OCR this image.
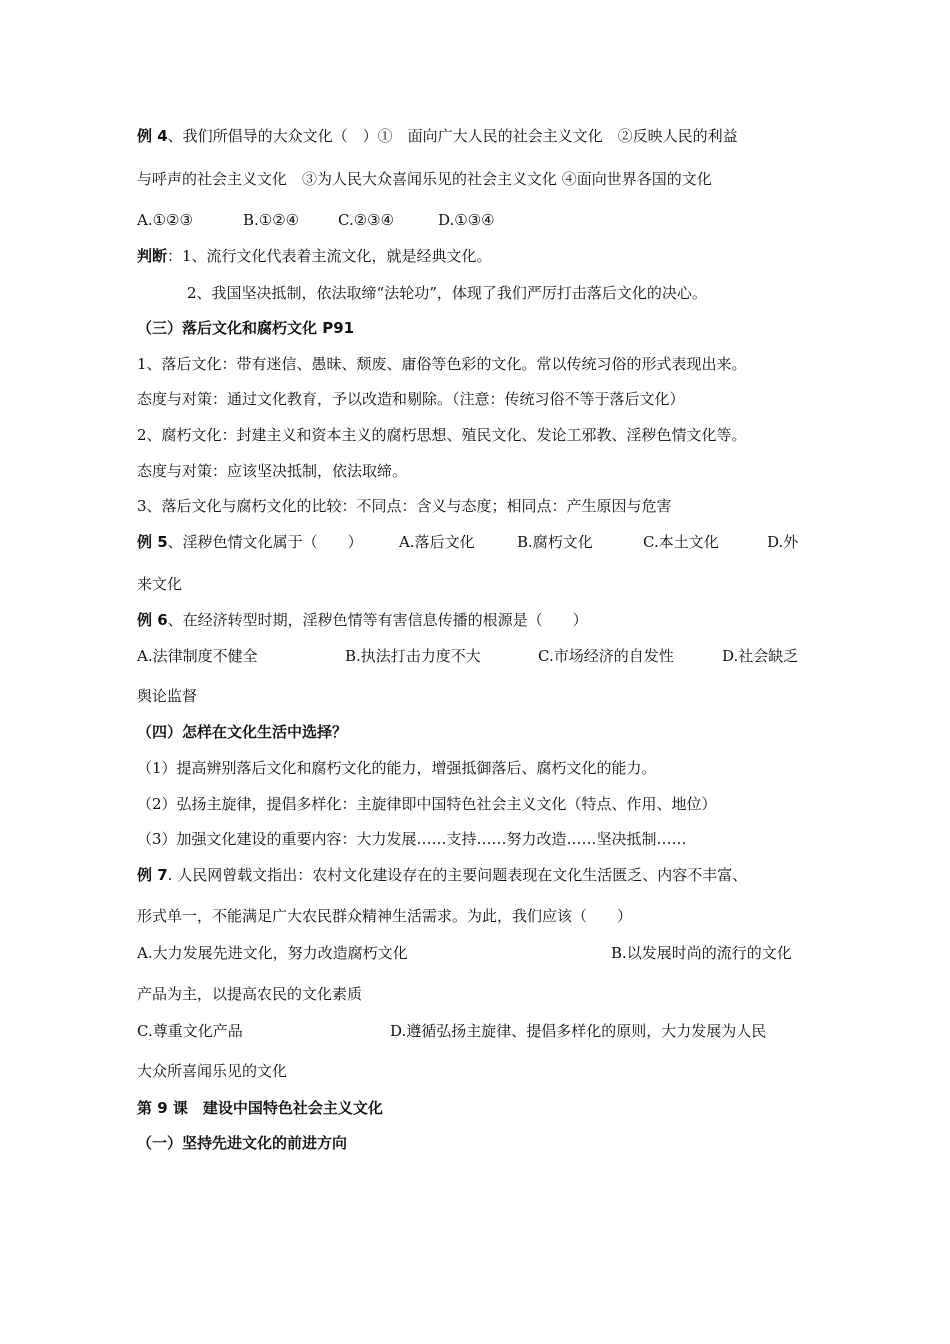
例 4、我们所倡导的大众文化（　）①　面向广大人民的社会主义文化　②反映人民的利益
与呼声的社会主义文化　③为人民大众喜闻乐见的社会主义文化 ④面向世界各国的文化
A.①②③	B.①②④	C.②③④	D.①③④
判断：1、流行文化代表着主流文化，就是经典文化。
2、我国坚决抵制，依法取缔“法轮功”，体现了我们严厉打击落后文化的决心。
（三）落后文化和腐朽文化 P91
1、落后文化：带有迷信、愚昧、颓废、庸俗等色彩的文化。常以传统习俗的形式表现出来。
态度与对策：通过文化教育，予以改造和剔除。（注意：传统习俗不等于落后文化）
2、腐朽文化：封建主义和资本主义的腐朽思想、殖民文化、发论工邪教、淫秽色情文化等。
态度与对策：应该坚决抵制，依法取缔。
3、落后文化与腐朽文化的比较：不同点：含义与态度；相同点：产生原因与危害
例 5、淫秽色情文化属于（　　） A.落后文化	B.腐朽文化	C.本土文化	D.外
来文化
例 6、在经济转型时期，淫秽色情等有害信息传播的根源是（　　）
A.法律制度不健全	B.执法打击力度不大	C.市场经济的自发性	D.社会缺乏
舆论监督
（四）怎样在文化生活中选择？
（1）提高辨别落后文化和腐朽文化的能力，增强抵御落后、腐朽文化的能力。
（2）弘扬主旋律，提倡多样化：主旋律即中国特色社会主义文化（特点、作用、地位）
（3）加强文化建设的重要内容：大力发展……支持……努力改造……坚决抵制……
例 7. 人民网曾载文指出：农村文化建设存在的主要问题表现在文化生活匮乏、内容不丰富、
形式单一，不能满足广大农民群众精神生活需求。为此，我们应该（　　）
A.大力发展先进文化，努力改造腐朽文化	B.以发展时尚的流行的文化
产品为主，以提高农民的文化素质
C.尊重文化产品	D.遵循弘扬主旋律、提倡多样化的原则，大力发展为人民
大众所喜闻乐见的文化
第 9 课　建设中国特色社会主义文化
（一）坚持先进文化的前进方向
